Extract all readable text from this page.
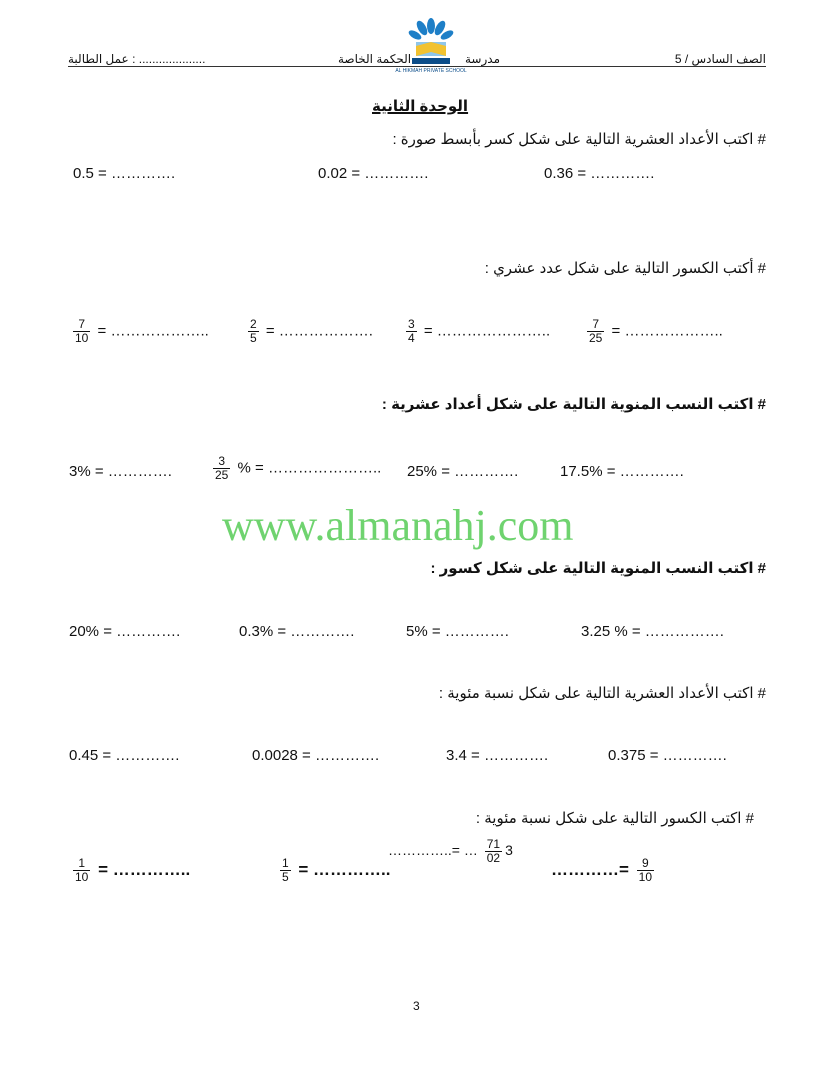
الصف السادس / 5
مدرسة
الحكمة الخاصة
عمل الطالبة : ....................
AL HIKMAH PRIVATE SCHOOL
الوحدة الثانية
# اكتب الأعداد العشرية التالية على شكل كسر بأبسط صورة :
0.36 = ………….
0.02 = ………….
0.5 = ………….
# أكتب الكسور التالية على شكل عدد عشري :
$\frac{7}{25}$ = ………………..
$\frac{3}{4}$ = …………………..
$\frac{2}{5}$ = ……………….
$\frac{7}{10}$ = ………………..
# اكتب النسب المنوية التالية على شكل أعداد عشرية :
17.5% = ………….
25% = ………….
$\frac{3}{25}$ % = …………………..
3% = ………….
www.almanahj.com
# اكتب النسب المنوية التالية على شكل كسور :
3.25 % = …………….
5% = ………….
0.3% = ………….
20% = ………….
# اكتب الأعداد العشرية التالية على شكل نسبة مئوية :
0.375 = ………….
3.4 = ………….
0.0028 = ………….
0.45 = ………….
# اكتب الكسور التالية على شكل نسبة مئوية :
…………= $\frac{9}{10}$
…………..= … $\frac{71}{02} 3$
$\frac{1}{5}$ = …………..
$\frac{1}{10}$ = …………..
3
